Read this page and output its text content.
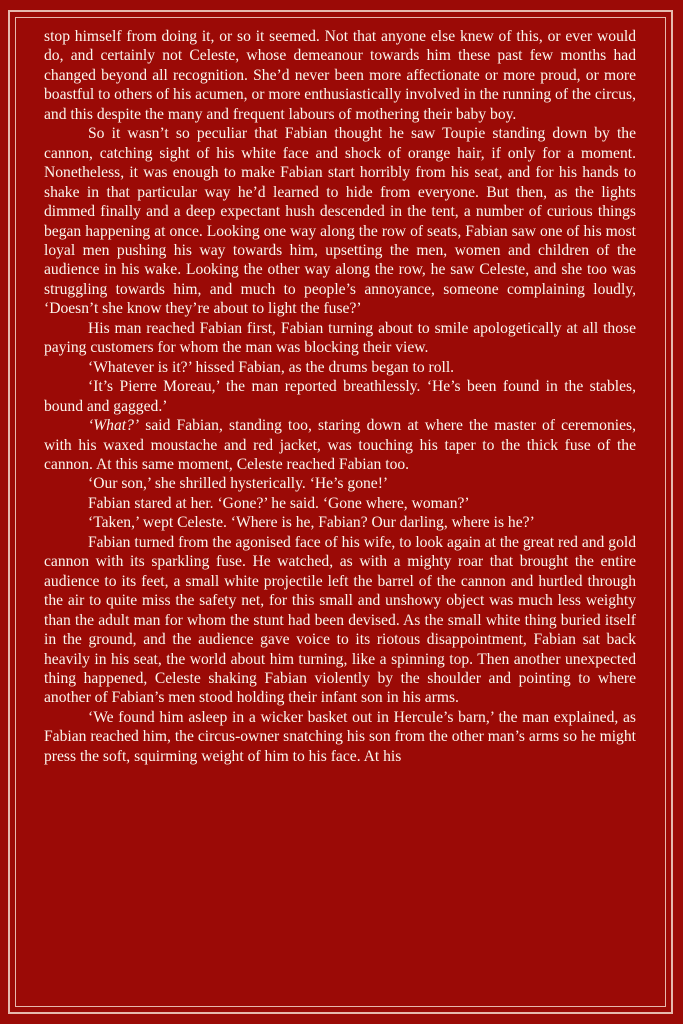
stop himself from doing it, or so it seemed. Not that anyone else knew of this, or ever would do, and certainly not Celeste, whose demeanour towards him these past few months had changed beyond all recognition. She’d never been more affectionate or more proud, or more boastful to others of his acumen, or more enthusiastically involved in the running of the circus, and this despite the many and frequent labours of mothering their baby boy.

So it wasn’t so peculiar that Fabian thought he saw Toupie standing down by the cannon, catching sight of his white face and shock of orange hair, if only for a moment. Nonetheless, it was enough to make Fabian start horribly from his seat, and for his hands to shake in that particular way he’d learned to hide from everyone. But then, as the lights dimmed finally and a deep expectant hush descended in the tent, a number of curious things began happening at once. Looking one way along the row of seats, Fabian saw one of his most loyal men pushing his way towards him, upsetting the men, women and children of the audience in his wake. Looking the other way along the row, he saw Celeste, and she too was struggling towards him, and much to people’s annoyance, someone complaining loudly, ‘Doesn’t she know they’re about to light the fuse?’

His man reached Fabian first, Fabian turning about to smile apologetically at all those paying customers for whom the man was blocking their view.

‘Whatever is it?’ hissed Fabian, as the drums began to roll.

‘It’s Pierre Moreau,’ the man reported breathlessly. ‘He’s been found in the stables, bound and gagged.’

‘What?’ said Fabian, standing too, staring down at where the master of ceremonies, with his waxed moustache and red jacket, was touching his taper to the thick fuse of the cannon. At this same moment, Celeste reached Fabian too.

‘Our son,’ she shrilled hysterically. ‘He’s gone!’

Fabian stared at her. ‘Gone?’ he said. ‘Gone where, woman?’

‘Taken,’ wept Celeste. ‘Where is he, Fabian? Our darling, where is he?’

Fabian turned from the agonised face of his wife, to look again at the great red and gold cannon with its sparkling fuse. He watched, as with a mighty roar that brought the entire audience to its feet, a small white projectile left the barrel of the cannon and hurtled through the air to quite miss the safety net, for this small and unshowy object was much less weighty than the adult man for whom the stunt had been devised. As the small white thing buried itself in the ground, and the audience gave voice to its riotous disappointment, Fabian sat back heavily in his seat, the world about him turning, like a spinning top. Then another unexpected thing happened, Celeste shaking Fabian violently by the shoulder and pointing to where another of Fabian’s men stood holding their infant son in his arms.

‘We found him asleep in a wicker basket out in Hercule’s barn,’ the man explained, as Fabian reached him, the circus-owner snatching his son from the other man’s arms so he might press the soft, squirming weight of him to his face. At his
